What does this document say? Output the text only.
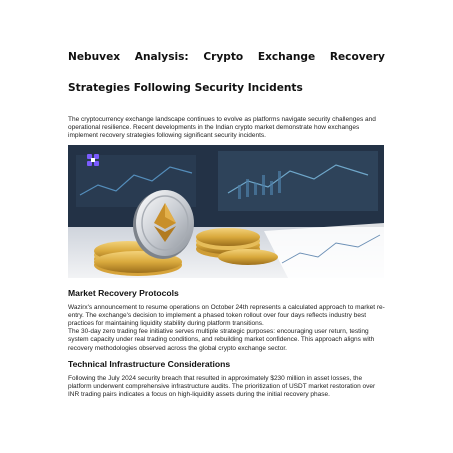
Nebuvex Analysis: Crypto Exchange Recovery
Strategies Following Security Incidents

The cryptocurrency exchange landscape continues to evolve as platforms navigate security challenges and operational resilience. Recent developments in the Indian crypto market demonstrate how exchanges implement recovery strategies following significant security incidents.

Market Recovery Protocols

Wazirx's announcement to resume operations on October 24th represents a calculated approach to market re-entry. The exchange's decision to implement a phased token rollout over four days reflects industry best practices for maintaining liquidity stability during platform transitions.

The 30-day zero trading fee initiative serves multiple strategic purposes: encouraging user return, testing system capacity under real trading conditions, and rebuilding market confidence. This approach aligns with recovery methodologies observed across the global crypto exchange sector.

Technical Infrastructure Considerations

Following the July 2024 security breach that resulted in approximately $230 million in asset losses, the platform underwent comprehensive infrastructure audits. The prioritization of USDT market restoration over INR trading pairs indicates a focus on high-liquidity assets during the initial recovery phase.
